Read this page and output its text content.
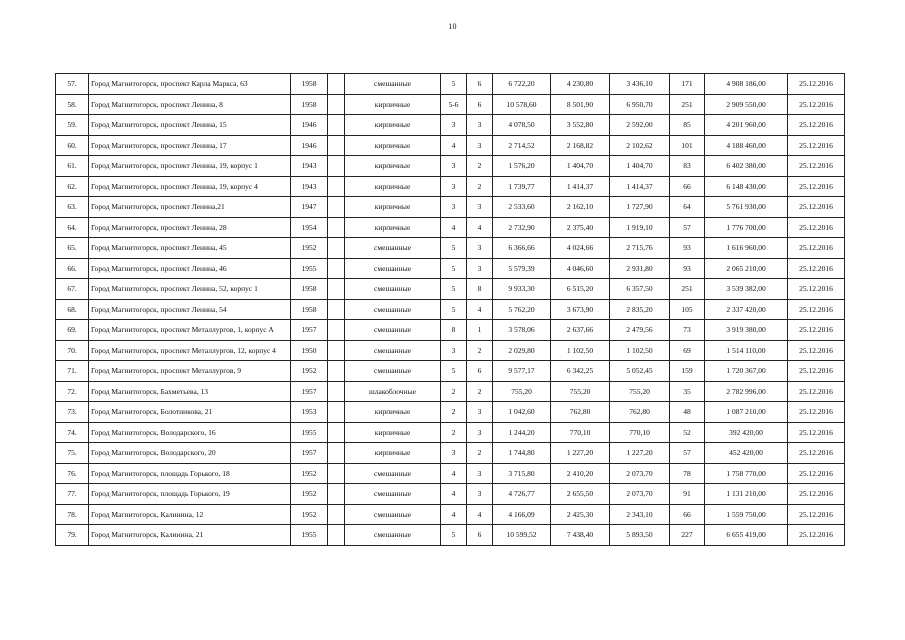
10
57.	Город Магнитогорск, проспект Карла Маркса, 63	1958		смешанные	5	6	6 722,20	4 230,80	3 436,10	171	4 908 186,00	25.12.2016
58.	Город Магнитогорск, проспект Ленина, 8	1958		кирпичные	5-6	6	10 578,60	8 501,90	6 950,70	251	2 909 550,00	25.12.2016
59.	Город Магнитогорск, проспект Ленина, 15	1946		кирпичные	3	3	4 078,50	3 552,80	2 592,00	85	4 201 960,00	25.12.2016
60.	Город Магнитогорск, проспект Ленина, 17	1946		кирпичные	4	3	2 714,52	2 168,82	2 102,62	101	4 188 460,00	25.12.2016
61.	Город Магнитогорск, проспект Ленина, 19, корпус 1	1943		кирпичные	3	2	1 576,20	1 404,70	1 404,70	83	6 402 380,00	25.12.2016
62.	Город Магнитогорск, проспект Ленина, 19, корпус 4	1943		кирпичные	3	2	1 739,77	1 414,37	1 414,37	66	6 148 430,00	25.12.2016
63.	Город Магнитогорск, проспект Ленина,21	1947		кирпичные	3	3	2 533,60	2 162,10	1 727,90	64	5 761 930,00	25.12.2016
64.	Город Магнитогорск, проспект Ленина, 28	1954		кирпичные	4	4	2 732,90	2 375,40	1 919,10	57	1 776 700,00	25.12.2016
65.	Город Магнитогорск, проспект Ленина, 45	1952		смешанные	5	3	6 366,66	4 024,66	2 715,76	93	1 616 960,00	25.12.2016
66.	Город Магнитогорск, проспект Ленина, 46	1955		смешанные	5	3	5 579,39	4 046,60	2 931,80	93	2 065 210,00	25.12.2016
67.	Город Магнитогорск, проспект Ленина, 52, корпус 1	1958		смешанные	5	8	9 933,30	6 515,20	6 357,50	251	3 539 382,00	25.12.2016
68.	Город Магнитогорск, проспект Ленина, 54	1958		смешанные	5	4	5 762,20	3 673,90	2 835,20	105	2 337 420,00	25.12.2016
69.	Город Магнитогорск, проспект Металлургов, 1, корпус А	1957		смешанные	8	1	3 578,06	2 637,66	2 479,56	73	3 919 380,00	25.12.2016
70.	Город Магнитогорск, проспект Металлургов, 12, корпус 4	1950		смешанные	3	2	2 029,80	1 102,50	1 102,50	69	1 514 110,00	25.12.2016
71.	Город Магнитогорск, проспект Металлургов, 9	1952		смешанные	5	6	9 577,17	6 342,25	5 052,45	159	1 720 367,00	25.12.2016
72.	Город Магнитогорск, Бахметьева, 13	1957		шлакоблочные	2	2	755,20	755,20	755,20	35	2 782 996,00	25.12.2016
73.	Город Магнитогорск, Болотникова, 21	1953		кирпичные	2	3	1 042,60	762,80	762,80	48	1 087 210,00	25.12.2016
74.	Город Магнитогорск, Володарского, 16	1955		кирпичные	2	3	1 244,20	770,10	770,10	52	392 420,00	25.12.2016
75.	Город Магнитогорск, Володарского, 20	1957		кирпичные	3	2	1 744,80	1 227,20	1 227,20	57	452 420,00	25.12.2016
76.	Город Магнитогорск, площадь Горького, 18	1952		смешанные	4	3	3 715,80	2 410,20	2 073,70	78	1 758 770,00	25.12.2016
77.	Город Магнитогорск, площадь Горького, 19	1952		смешанные	4	3	4 726,77	2 655,50	2 073,70	91	1 131 210,00	25.12.2016
78.	Город Магнитогорск, Калинина, 12	1952		смешанные	4	4	4 166,09	2 425,30	2 343,10	66	1 559 750,00	25.12.2016
79.	Город Магнитогорск, Калинина, 21	1955		смешанные	5	6	10 599,52	7 438,40	5 893,50	227	6 655 419,00	25.12.2016
